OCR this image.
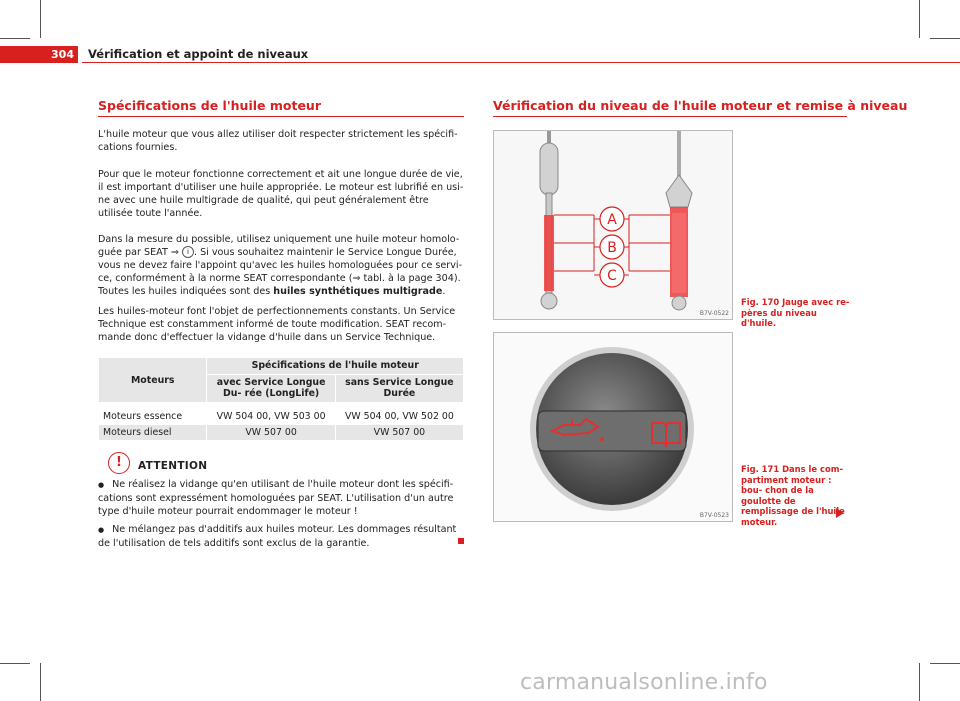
304	Vérification et appoint de niveaux
Spécifications de l'huile moteur

L'huile moteur que vous allez utiliser doit respecter strictement les spécifi- cations fournies.

Pour que le moteur fonctionne correctement et ait une longue durée de vie, il est important d'utiliser une huile appropriée. Le moteur est lubrifié en usi- ne avec une huile multigrade de qualité, qui peut généralement être utilisée toute l'année.

Dans la mesure du possible, utilisez uniquement une huile moteur homolo- guée par SEAT ⇒ i . Si vous souhaitez maintenir le Service Longue Durée, vous ne devez faire l'appoint qu'avec les huiles homologuées pour ce servi- ce, conformément à la norme SEAT correspondante (⇒ tabl. à la page 304). Toutes les huiles indiquées sont des huiles synthétiques multigrade.

Les huiles-moteur font l'objet de perfectionnements constants. Un Service Technique est constamment informé de toute modification. SEAT recom- mande donc d'effectuer la vidange d'huile dans un Service Technique.

Moteurs	Spécifications de l'huile moteur	
	avec Service Longue Du- rée (LongLife)	sans Service Longue Durée
Moteurs essence	VW 504 00, VW 503 00	VW 504 00, VW 502 00
Moteurs diesel	VW 507 00	VW 507 00
!	ATTENTION

● Ne réalisez la vidange qu'en utilisant de l'huile moteur dont les spécifi- cations sont expressément homologuées par SEAT. L'utilisation d'un autre type d'huile moteur pourrait endommager le moteur !

● Ne mélangez pas d'additifs aux huiles moteur. Les dommages résultant de l'utilisation de tels additifs sont exclus de la garantie.

Vérification du niveau de l'huile moteur et remise à niveau
A
B
C
B7V-0522
Fig. 170 Jauge avec re- pères du niveau d'huile.
B7V-0523
Fig. 171 Dans le com- partiment moteur : bou- chon de la goulotte de remplissage de l'huile moteur.
carmanualsonline.info
